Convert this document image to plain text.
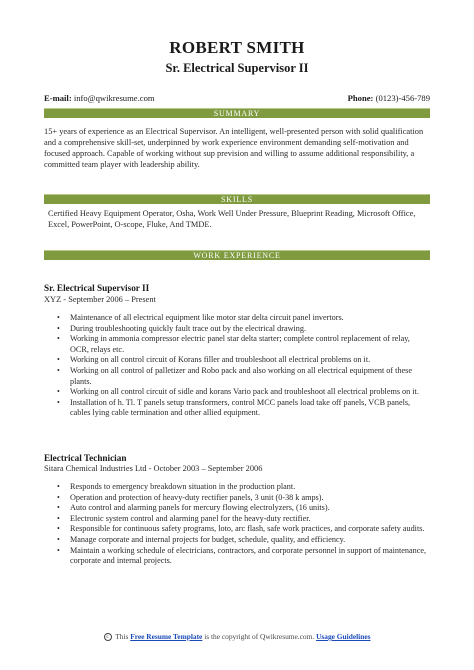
ROBERT SMITH
Sr. Electrical Supervisor II
E-mail: info@qwikresume.com	Phone: (0123)-456-789
SUMMARY

15+ years of experience as an Electrical Supervisor. An intelligent, well-presented person with solid qualification and a comprehensive skill-set, underpinned by work experience environment demanding self-motivation and focused approach. Capable of working without sup prevision and willing to assume additional responsibility, a committed team player with leadership ability.

SKILLS

Certified Heavy Equipment Operator, Osha, Work Well Under Pressure, Blueprint Reading, Microsoft Office, Excel, PowerPoint, O-scope, Fluke, And TMDE.

WORK EXPERIENCE
Sr. Electrical Supervisor II
XYZ - September 2006 – Present
• Maintenance of all electrical equipment like motor star delta circuit panel invertors.
• During troubleshooting quickly fault trace out by the electrical drawing.
• Working in ammonia compressor electric panel star delta starter; complete control replacement of relay, OCR, relays etc.
• Working on all control circuit of Korans filler and troubleshoot all electrical problems on it.
• Working on all control of palletizer and Robo pack and also working on all electrical equipment of these plants.
• Working on all control circuit of sidle and korans Vario pack and troubleshoot all electrical problems on it.
• Installation of h. Tl. T panels setup transformers, control MCC panels load take off panels, VCB panels, cables lying cable termination and other allied equipment.
Electrical Technician
Sitara Chemical Industries Ltd - October 2003 – September 2006
• Responds to emergency breakdown situation in the production plant.
• Operation and protection of heavy-duty rectifier panels, 3 unit (0-38 k amps).
• Auto control and alarming panels for mercury flowing electrolyzers, (16 units).
• Electronic system control and alarming panel for the heavy-duty rectifier.
• Responsible for continuous safety programs, loto, arc flash, safe work practices, and corporate safety audits.
• Manage corporate and internal projects for budget, schedule, quality, and efficiency.
• Maintain a working schedule of electricians, contractors, and corporate personnel in support of maintenance, corporate and internal projects.
c This Free Resume Template is the copyright of Qwikresume.com. Usage Guidelines
